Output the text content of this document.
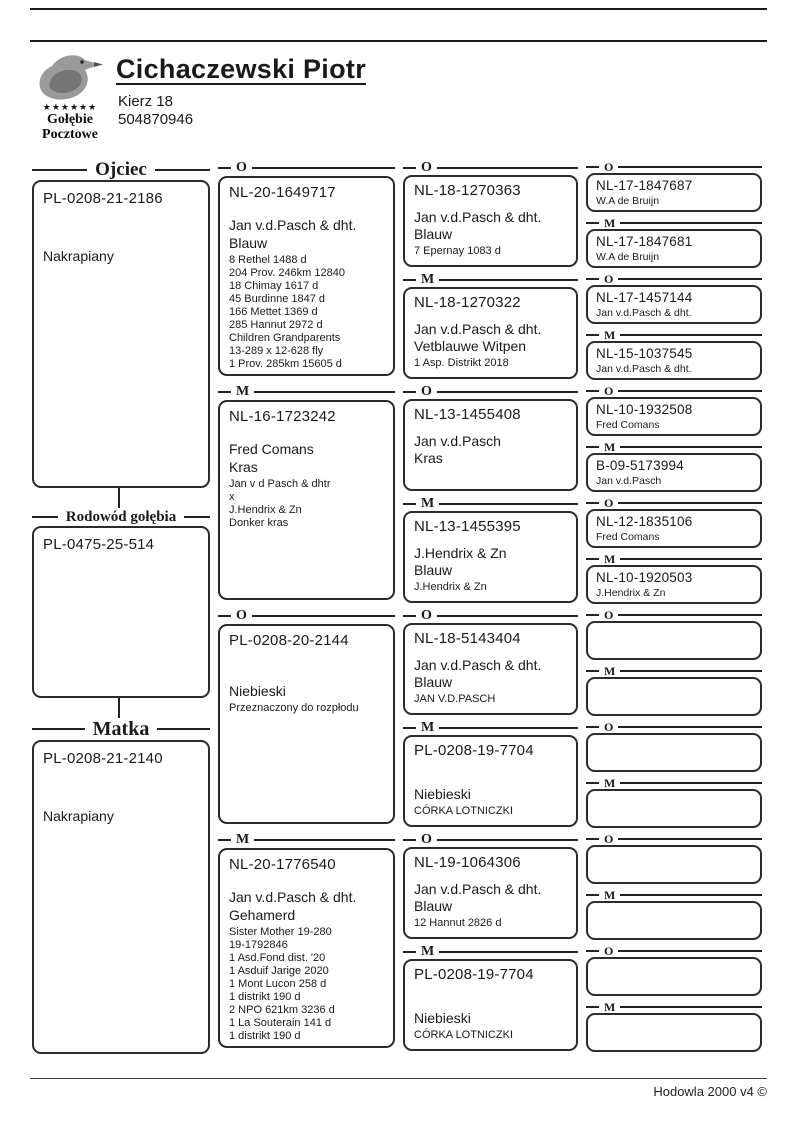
★★★★★★
Gołębie
Pocztowe
Cichaczewski Piotr
Kierz 18
504870946
Ojciec
PL-0208-21-2186
Nakrapiany
Rodowód gołębia
PL-0475-25-514
Matka
PL-0208-21-2140
Nakrapiany
O
NL-20-1649717
Jan v.d.Pasch & dht.
Blauw
8 Rethel 1488 d
204 Prov. 246km 12840
18 Chimay 1617 d
45 Burdinne 1847 d
166 Mettet 1369 d
285 Hannut 2972 d
Children Grandparents
13-289 x 12-628 fly
1 Prov. 285km 15605 d
M
NL-16-1723242
Fred Comans
Kras
Jan v d Pasch & dhtr
x
J.Hendrix & Zn
Donker kras
O
PL-0208-20-2144
Niebieski
Przeznaczony do rozpłodu
M
NL-20-1776540
Jan v.d.Pasch & dht.
Gehamerd
Sister Mother 19-280
19-1792846
1 Asd.Fond dist. '20
1 Asduif Jarige 2020
1 Mont Lucon 258 d
1 distrikt 190 d
2 NPO 621km 3236 d
1 La Souterain 141 d
1 distrikt 190 d
O
NL-18-1270363
Jan v.d.Pasch & dht.
Blauw
7 Epernay 1083 d
M
NL-18-1270322
Jan v.d.Pasch & dht.
Vetblauwe Witpen
1 Asp. Distrikt 2018
O
NL-13-1455408
Jan v.d.Pasch
Kras
M
NL-13-1455395
J.Hendrix & Zn
Blauw
J.Hendrix & Zn
O
NL-18-5143404
Jan v.d.Pasch & dht.
Blauw
JAN V.D.PASCH
M
PL-0208-19-7704
Niebieski
CÓRKA LOTNICZKI
O
NL-19-1064306
Jan v.d.Pasch & dht.
Blauw
12 Hannut 2826 d
M
PL-0208-19-7704
Niebieski
CÓRKA LOTNICZKI
O
NL-17-1847687
W.A de Bruijn
M
NL-17-1847681
W.A de Bruijn
O
NL-17-1457144
Jan v.d.Pasch & dht.
M
NL-15-1037545
Jan v.d.Pasch & dht.
O
NL-10-1932508
Fred Comans
M
B-09-5173994
Jan v.d.Pasch
O
NL-12-1835106
Fred Comans
M
NL-10-1920503
J.Hendrix & Zn
O
M
O
M
O
M
O
M
Hodowla 2000 v4 ©
